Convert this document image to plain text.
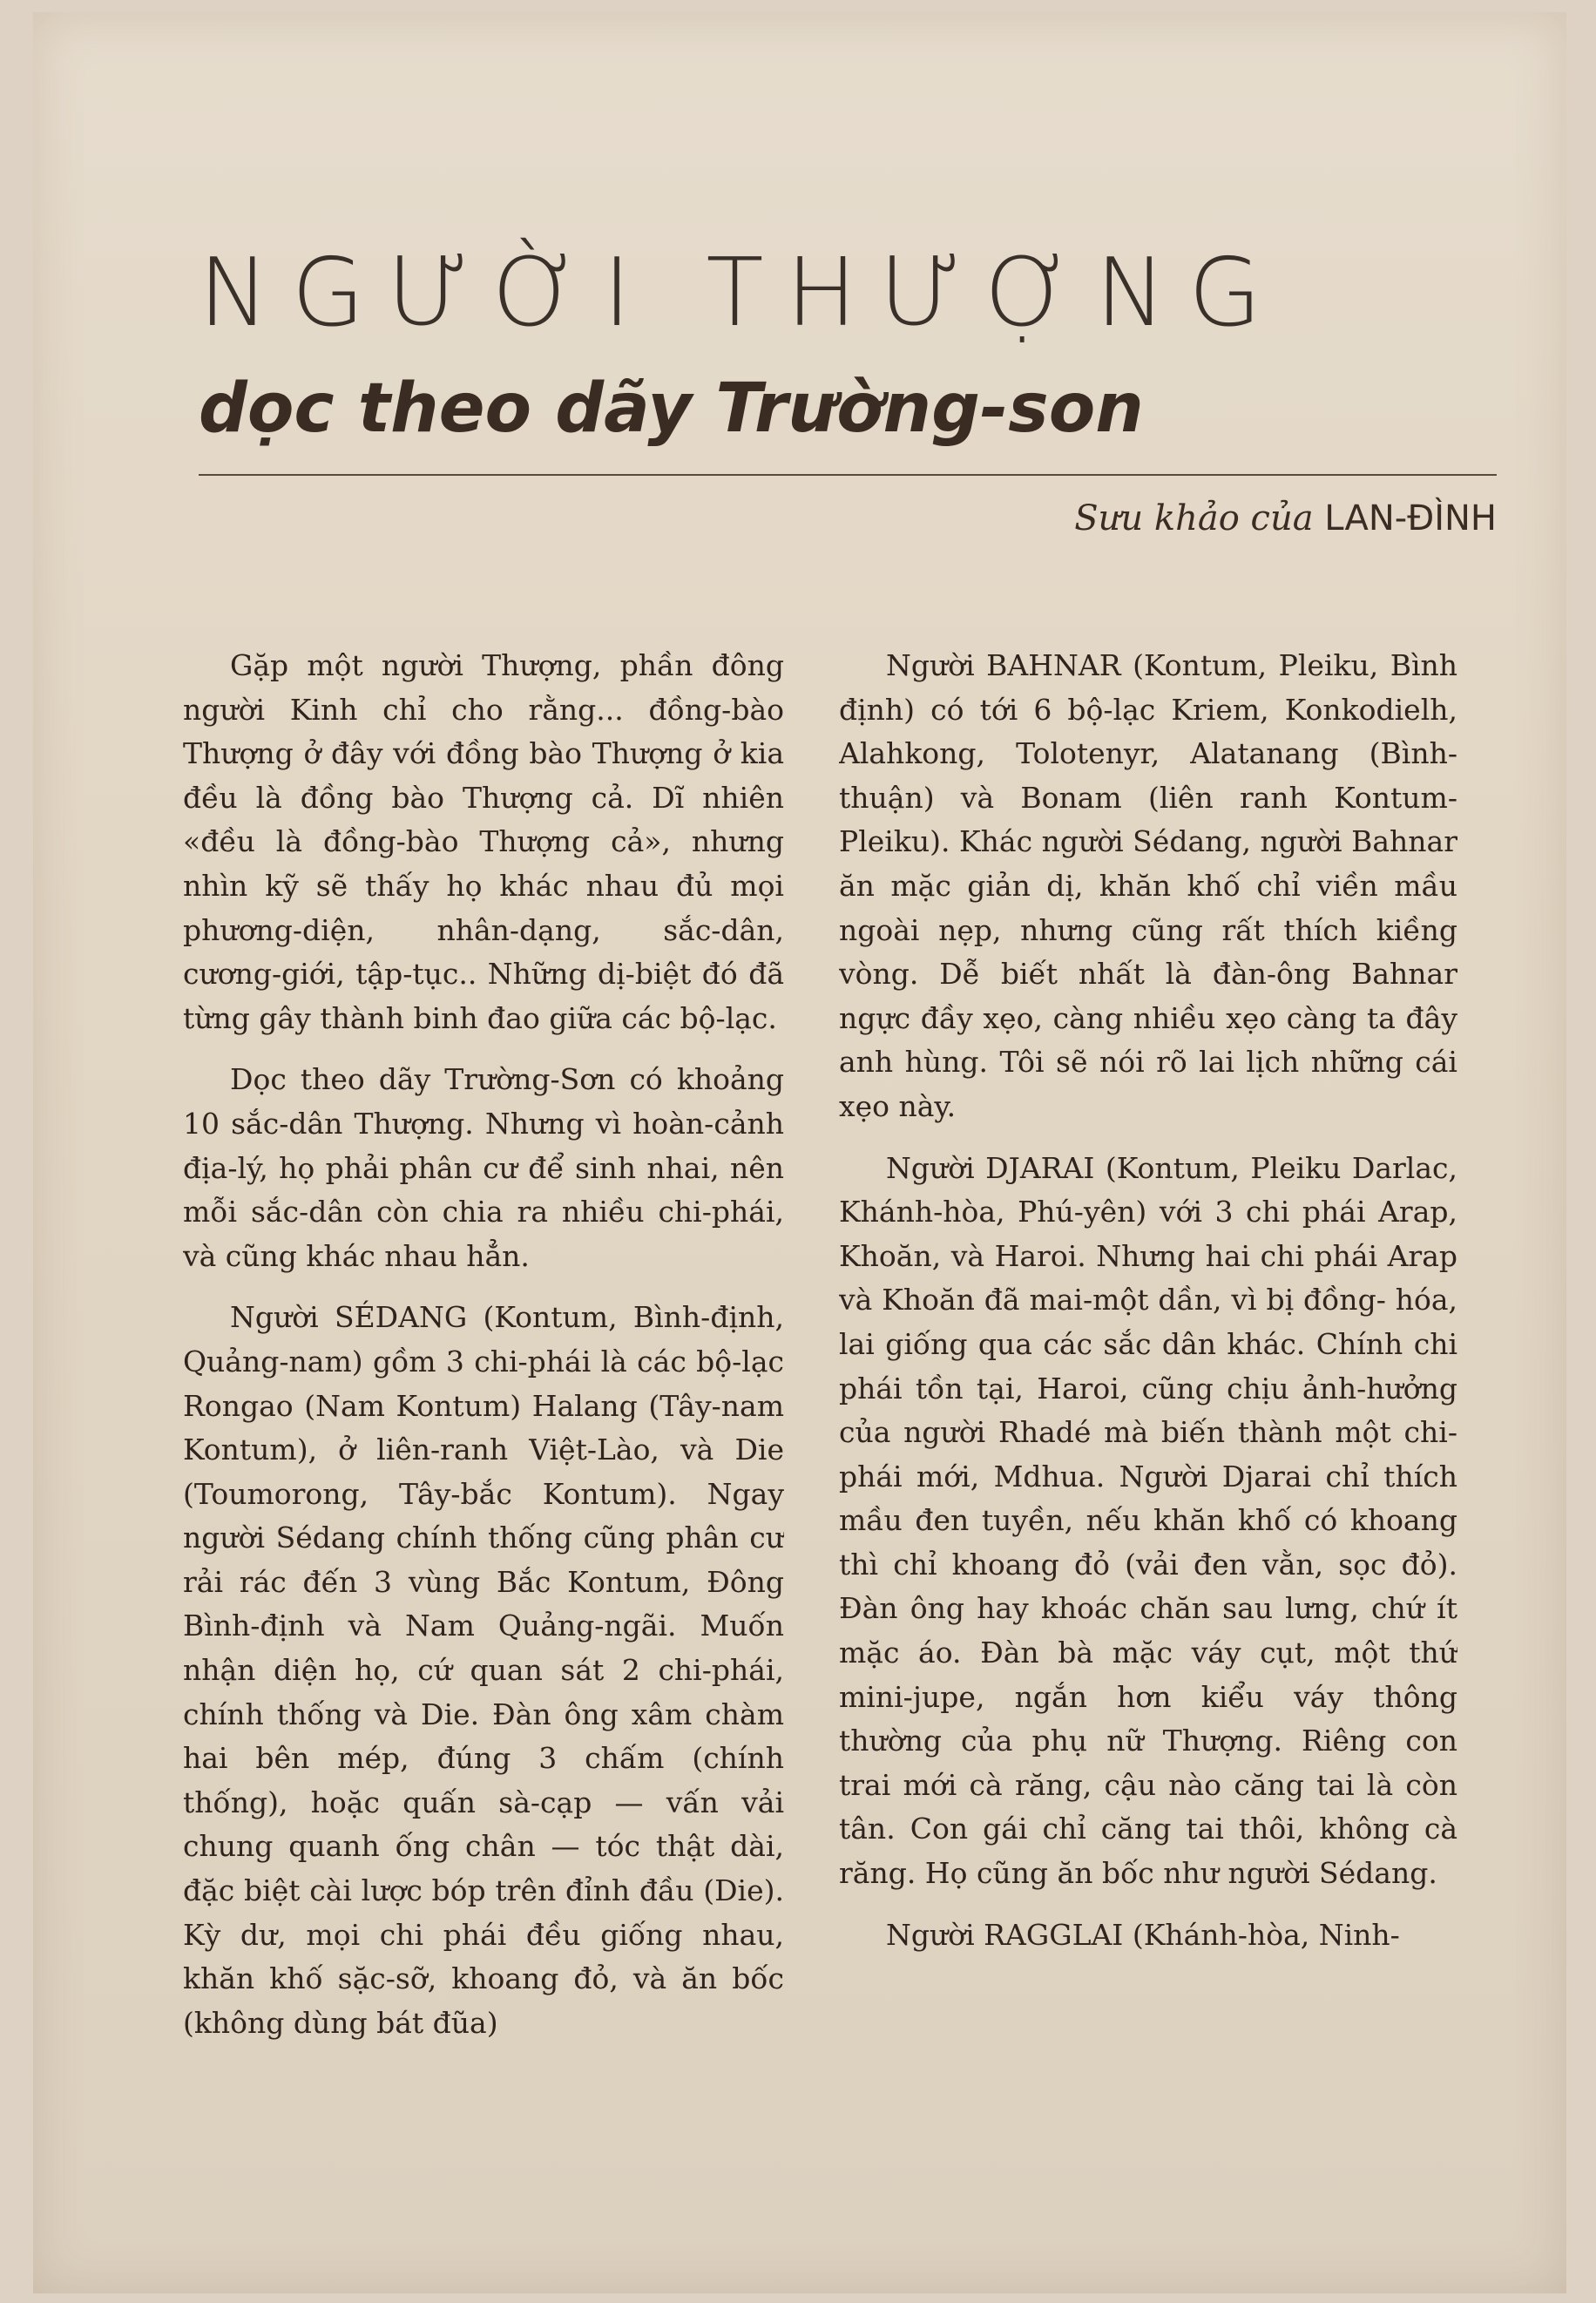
NGƯỜI THƯỢNG
dọc theo dãy Trường-son
Sưu khảo của LAN-ĐÌNH

Gặp một người Thượng, phần đông người Kinh chỉ cho rằng... đồng-bào Thượng ở đây với đồng bào Thượng ở kia đều là đồng bào Thượng cả. Dĩ nhiên «đều là đồng-bào Thượng cả», nhưng nhìn kỹ sẽ thấy họ khác nhau đủ mọi phương-diện, nhân-dạng, sắc-dân, cương-giới, tập-tục.. Những dị-biệt đó đã từng gây thành binh đao giữa các bộ-lạc.

Dọc theo dãy Trường-Sơn có khoảng 10 sắc-dân Thượng. Nhưng vì hoàn-cảnh địa-lý, họ phải phân cư để sinh nhai, nên mỗi sắc-dân còn chia ra nhiều chi-phái, và cũng khác nhau hẳn.

Người SÉDANG (Kontum, Bình-định, Quảng-nam) gồm 3 chi-phái là các bộ-lạc Rongao (Nam Kontum) Halang (Tây-nam Kontum), ở liên-ranh Việt-Lào, và Die (Toumorong, Tây-bắc Kontum). Ngay người Sédang chính thống cũng phân cư rải rác đến 3 vùng Bắc Kontum, Đông Bình-định và Nam Quảng-ngãi. Muốn nhận diện họ, cứ quan sát 2 chi-phái, chính thống và Die. Đàn ông xâm chàm hai bên mép, đúng 3 chấm (chính thống), hoặc quấn sà-cạp — vấn vải chung quanh ống chân — tóc thật dài, đặc biệt cài lược bóp trên đỉnh đầu (Die). Kỳ dư, mọi chi phái đều giống nhau, khăn khố sặc-sỡ, khoang đỏ, và ăn bốc (không dùng bát đũa)

Người BAHNAR (Kontum, Pleiku, Bình định) có tới 6 bộ-lạc Kriem, Konkodielh, Alahkong, Tolotenyr, Alatanang (Bình-thuận) và Bonam (liên ranh Kontum-Pleiku). Khác người Sédang, người Bahnar ăn mặc giản dị, khăn khố chỉ viền mầu ngoài nẹp, nhưng cũng rất thích kiềng vòng. Dễ biết nhất là đàn-ông Bahnar ngực đầy xẹo, càng nhiều xẹo càng ta đây anh hùng. Tôi sẽ nói rõ lai lịch những cái xẹo này.

Người DJARAI (Kontum, Pleiku Darlac, Khánh-hòa, Phú-yên) với 3 chi phái Arap, Khoăn, và Haroi. Nhưng hai chi phái Arap và Khoăn đã mai-một dần, vì bị đồng- hóa, lai giống qua các sắc dân khác. Chính chi phái tồn tại, Haroi, cũng chịu ảnh-hưởng của người Rhadé mà biến thành một chi-phái mới, Mdhua. Người Djarai chỉ thích mầu đen tuyền, nếu khăn khố có khoang thì chỉ khoang đỏ (vải đen vằn, sọc đỏ). Đàn ông hay khoác chăn sau lưng, chứ ít mặc áo. Đàn bà mặc váy cụt, một thứ mini-jupe, ngắn hơn kiểu váy thông thường của phụ nữ Thượng. Riêng con trai mới cà răng, cậu nào căng tai là còn tân. Con gái chỉ căng tai thôi, không cà răng. Họ cũng ăn bốc như người Sédang.

Người RAGGLAI (Khánh-hòa, Ninh-
